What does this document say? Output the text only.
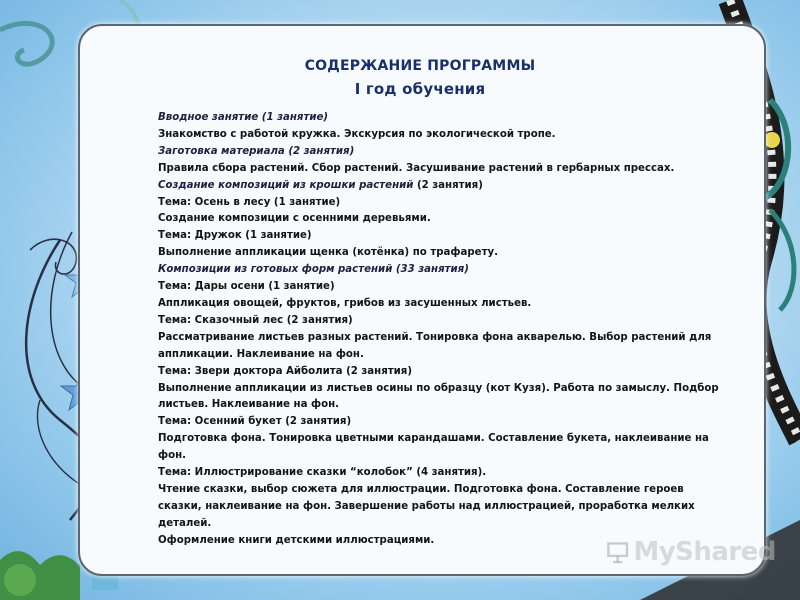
СОДЕРЖАНИЕ ПРОГРАММЫ
I год обучения
Вводное занятие (1 занятие)
Знакомство с работой кружка. Экскурсия по экологической тропе.
Заготовка материала (2 занятия)
Правила сбора растений. Сбор растений. Засушивание растений в гербарных прессах.
Создание композиций из крошки растений (2 занятия)
Тема: Осень в лесу (1 занятие)
Создание композиции с осенними деревьями.
Тема: Дружок (1 занятие)
Выполнение аппликации щенка (котёнка) по трафарету.
Композиции из готовых форм растений (33 занятия)
Тема: Дары осени (1 занятие)
Аппликация овощей, фруктов, грибов из засушенных листьев.
Тема: Сказочный лес (2 занятия)
Рассматривание листьев разных растений. Тонировка фона акварелью. Выбор растений для аппликации. Наклеивание на фон.
Тема: Звери доктора Айболита (2 занятия)
Выполнение аппликации из листьев осины по образцу (кот Кузя). Работа по замыслу. Подбор листьев. Наклеивание на фон.
Тема: Осенний букет (2 занятия)
Подготовка фона. Тонировка цветными карандашами. Составление букета, наклеивание на фон.
Тема: Иллюстрирование сказки “колобок” (4 занятия).
Чтение сказки, выбор сюжета для иллюстрации. Подготовка фона. Составление героев сказки, наклеивание на фон. Завершение работы над иллюстрацией, проработка мелких деталей.
Оформление книги детскими иллюстрациями.	MyShared
